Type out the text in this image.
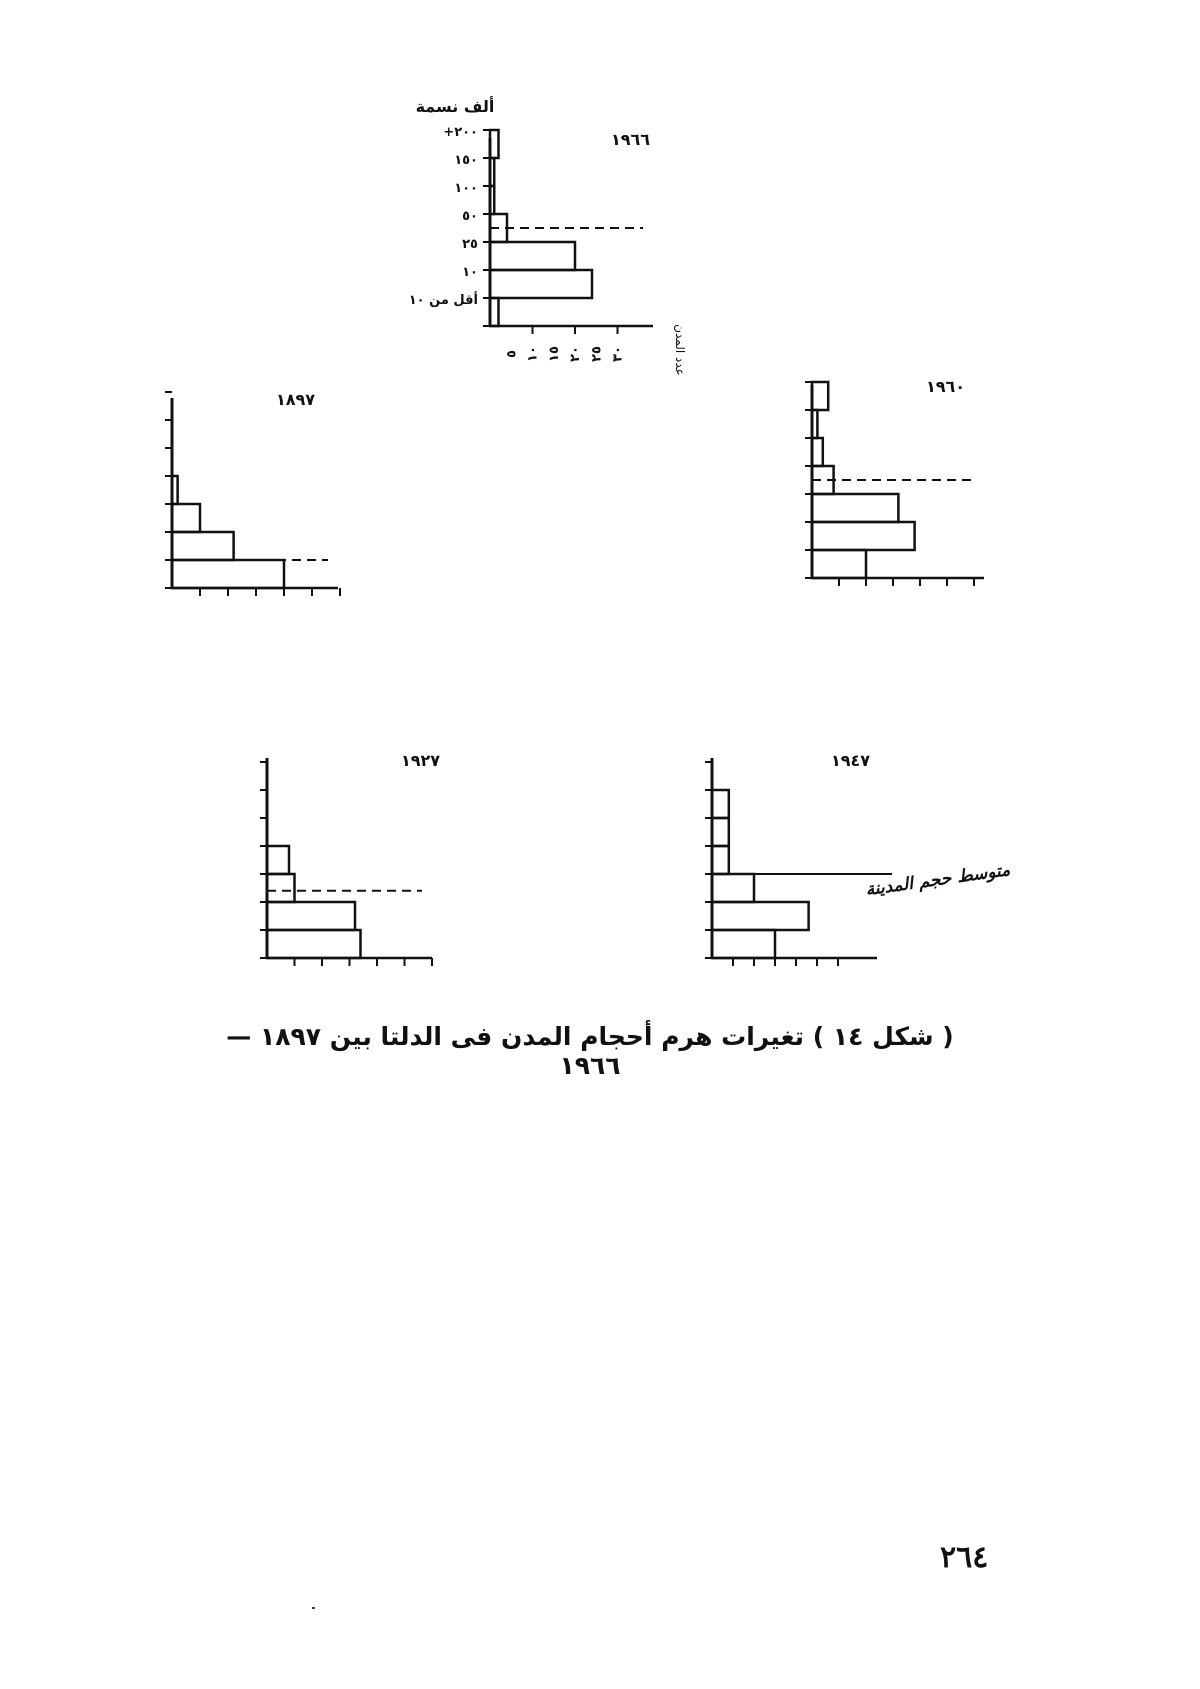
١٩٦٦
أقل من ١٠
١٠
٢٥
٥٠
١٠٠
١٥٠
+٢٠٠
ألف نسمة
٥ ١٠ ١٥ ٢٠ ٢٥ ٣٠	عدد المدن
١٩٦٠
١٨٩٧
١٩٢٧	١٩٤٧
متوسط حجم المدينة
( شكل ١٤ ) تغيرات هرم أحجام المدن فى الدلتا بين ١٨٩٧ — ١٩٦٦
٢٦٤
